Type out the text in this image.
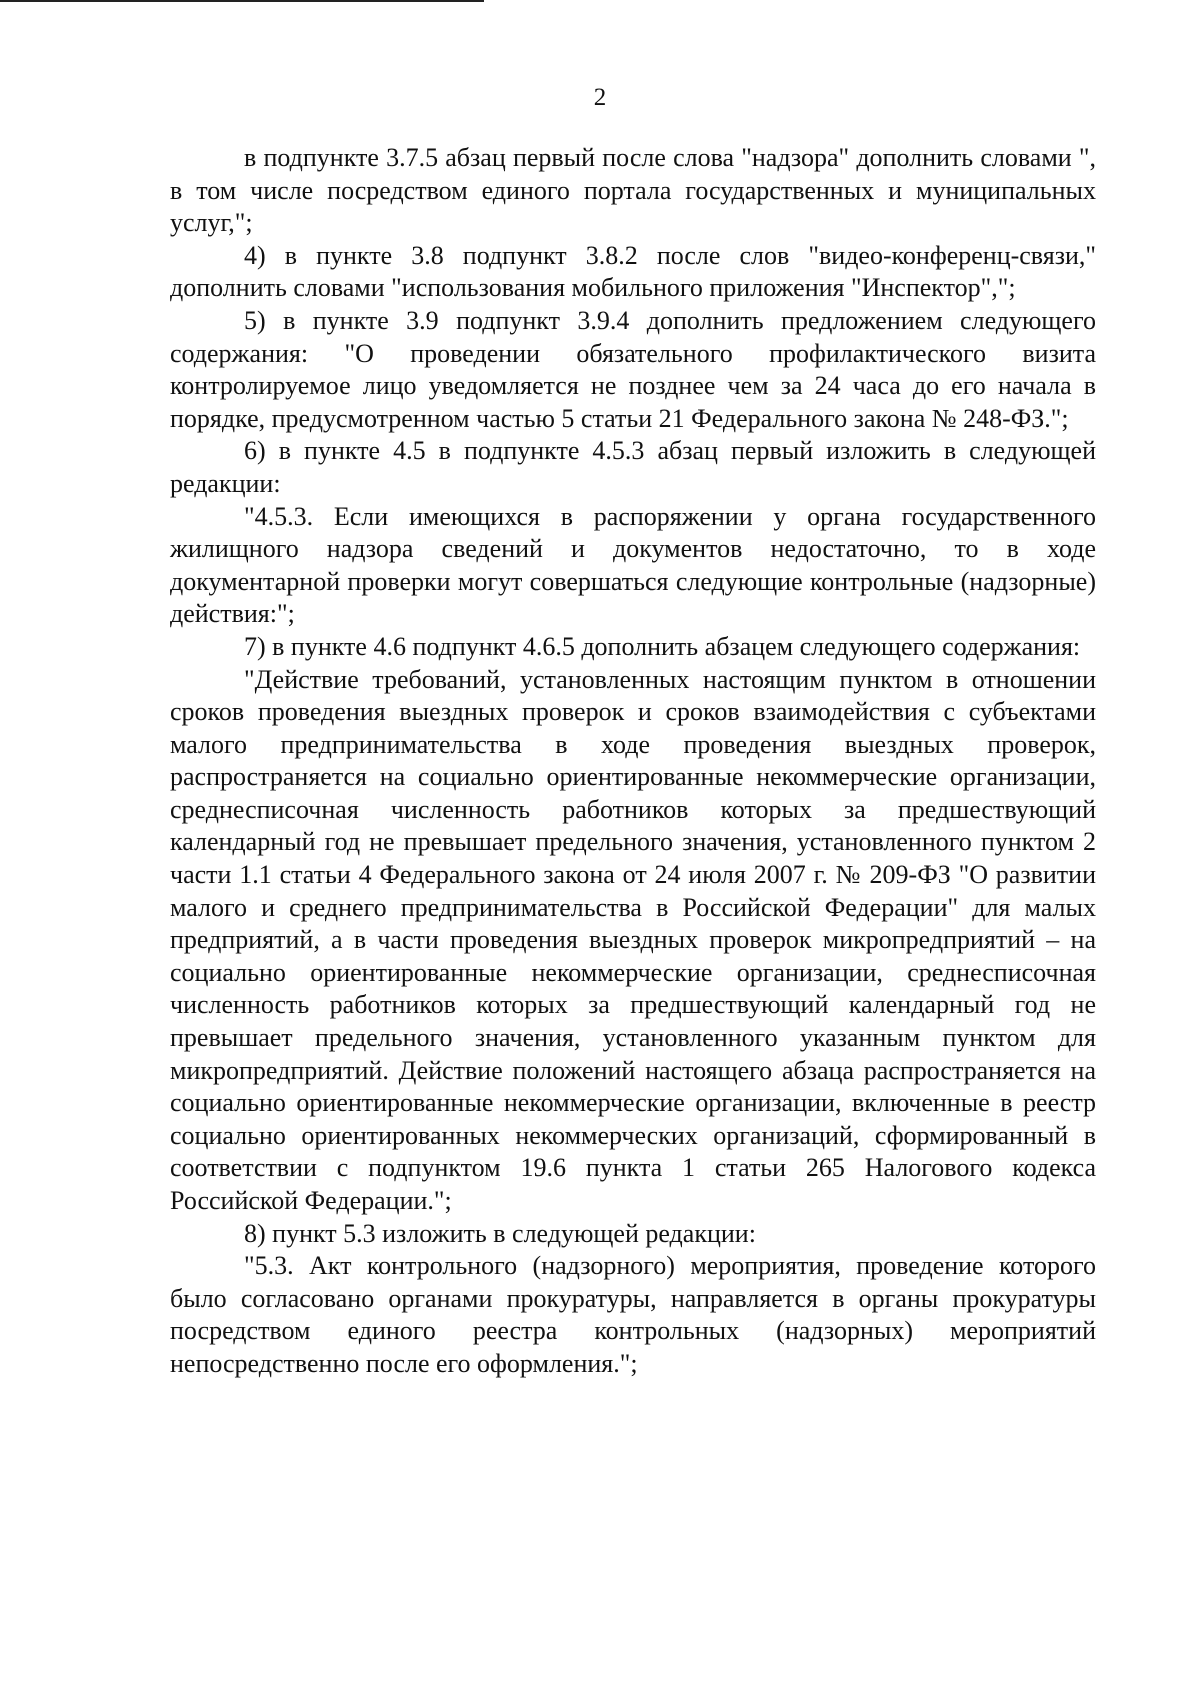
2

в подпункте 3.7.5 абзац первый после слова "надзора" дополнить словами ", в том числе посредством единого портала государственных и муниципальных услуг,";

4) в пункте 3.8 подпункт 3.8.2 после слов "видео-конференц-связи," дополнить словами "использования мобильного приложения "Инспектор",";

5) в пункте 3.9 подпункт 3.9.4 дополнить предложением следующего содержания: "О проведении обязательного профилактического визита контролируемое лицо уведомляется не позднее чем за 24 часа до его начала в порядке, предусмотренном частью 5 статьи 21 Федерального закона № 248-ФЗ.";

6) в пункте 4.5 в подпункте 4.5.3 абзац первый изложить в следующей редакции:

"4.5.3. Если имеющихся в распоряжении у органа государственного жилищного надзора сведений и документов недостаточно, то в ходе документарной проверки могут совершаться следующие контрольные (надзорные) действия:";

7) в пункте 4.6 подпункт 4.6.5 дополнить абзацем следующего содержания:

"Действие требований, установленных настоящим пунктом в отношении сроков проведения выездных проверок и сроков взаимодействия с субъектами малого предпринимательства в ходе проведения выездных проверок, распространяется на социально ориентированные некоммерческие организации, среднесписочная численность работников которых за предшествующий календарный год не превышает предельного значения, установленного пунктом 2 части 1.1 статьи 4 Федерального закона от 24 июля 2007 г. № 209-ФЗ "О развитии малого и среднего предпринимательства в Российской Федерации" для малых предприятий, а в части проведения выездных проверок микропредприятий – на социально ориентированные некоммерческие организации, среднесписочная численность работников которых за предшествующий календарный год не превышает предельного значения, установленного указанным пунктом для микропредприятий. Действие положений настоящего абзаца распространяется на социально ориентированные некоммерческие организации, включенные в реестр социально ориентированных некоммерческих организаций, сформированный в соответствии с подпунктом 19.6 пункта 1 статьи 265 Налогового кодекса Российской Федерации.";

8) пункт 5.3 изложить в следующей редакции:

"5.3. Акт контрольного (надзорного) мероприятия, проведение которого было согласовано органами прокуратуры, направляется в органы прокуратуры посредством единого реестра контрольных (надзорных) мероприятий непосредственно после его оформления.";
